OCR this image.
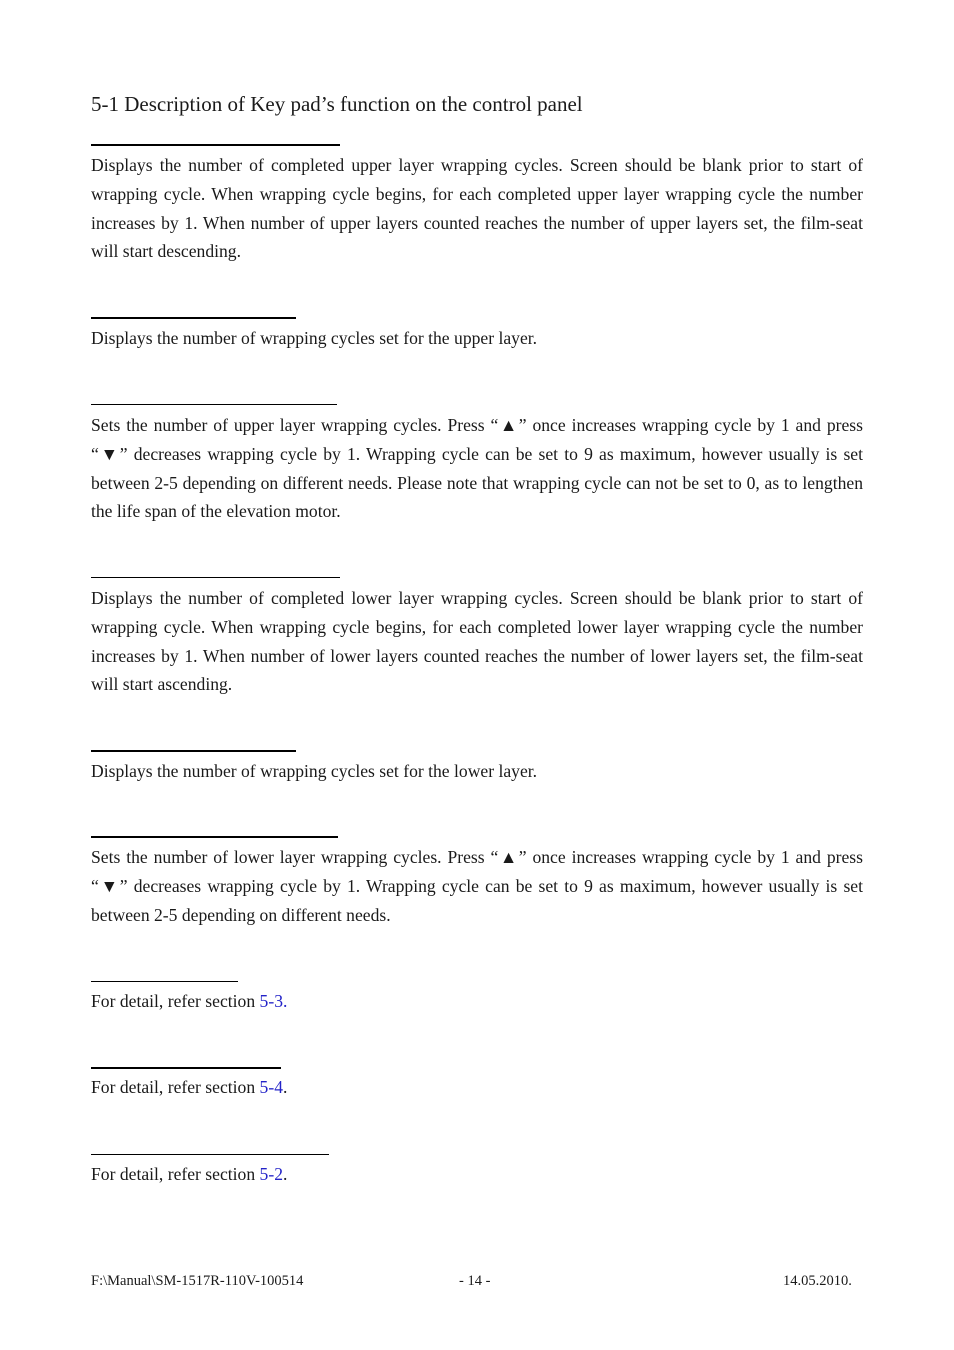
5-1 Description of Key pad’s function on the control panel

Displays the number of completed upper layer wrapping cycles. Screen should be blank prior to start of wrapping cycle. When wrapping cycle begins, for each completed upper layer wrapping cycle the number increases by 1. When number of upper layers counted reaches the number of upper layers set, the film-seat will start descending.

Displays the number of wrapping cycles set for the upper layer.

Sets the number of upper layer wrapping cycles. Press “▲” once increases wrapping cycle by 1 and press “▼” decreases wrapping cycle by 1. Wrapping cycle can be set to 9 as maximum, however usually is set between 2-5 depending on different needs. Please note that wrapping cycle can not be set to 0, as to lengthen the life span of the elevation motor.

Displays the number of completed lower layer wrapping cycles. Screen should be blank prior to start of wrapping cycle. When wrapping cycle begins, for each completed lower layer wrapping cycle the number increases by 1. When number of lower layers counted reaches the number of lower layers set, the film-seat will start ascending.

Displays the number of wrapping cycles set for the lower layer.

Sets the number of lower layer wrapping cycles. Press “▲” once increases wrapping cycle by 1 and press “▼” decreases wrapping cycle by 1. Wrapping cycle can be set to 9 as maximum, however usually is set between 2-5 depending on different needs.

For detail, refer section 5-3.

For detail, refer section 5-4.

For detail, refer section 5-2.

F:\Manual\SM-1517R-110V-100514	- 14 -	14.05.2010.
